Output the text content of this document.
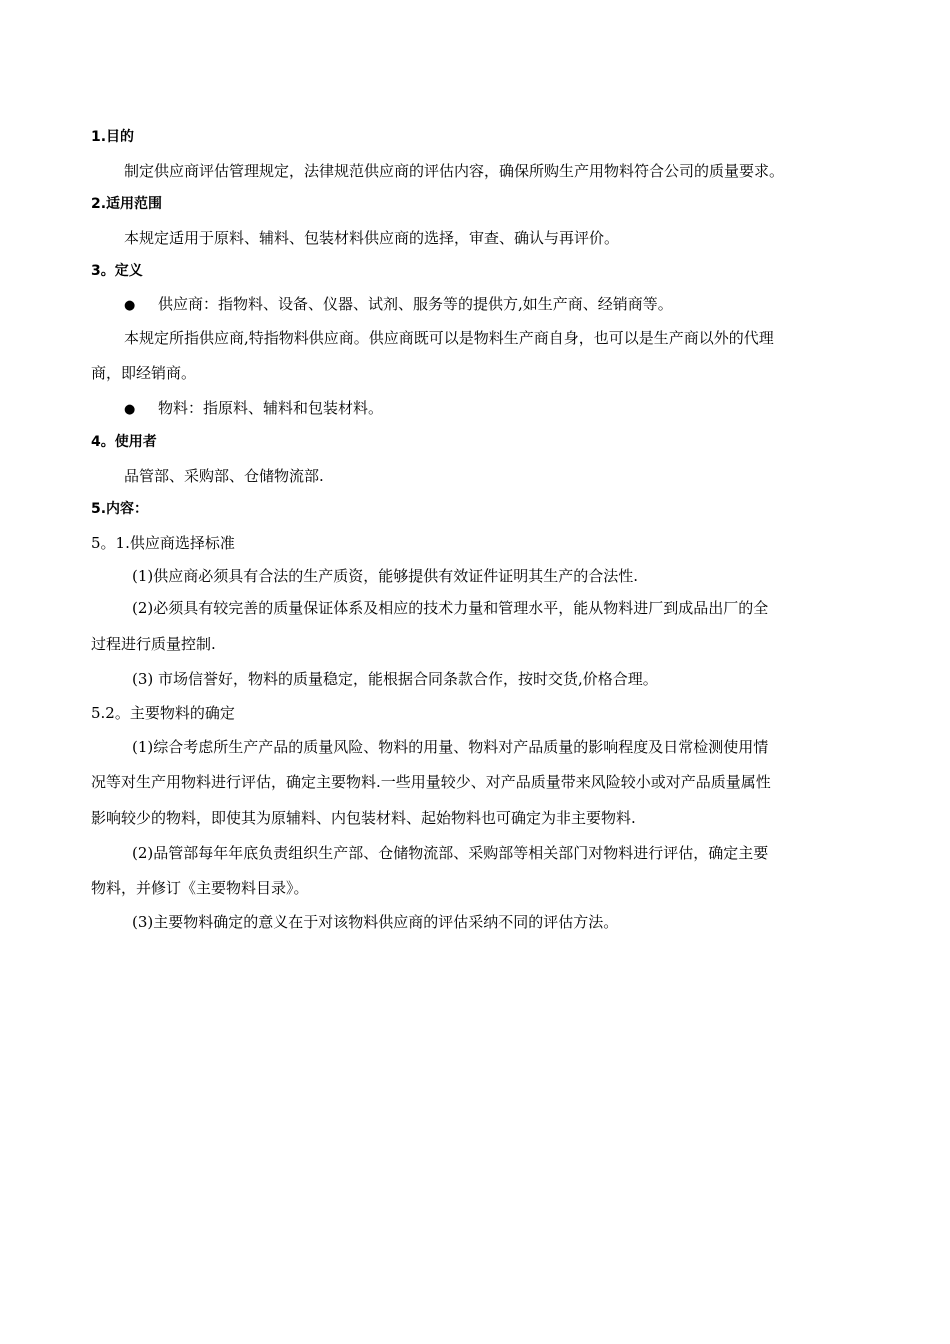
1.目的
制定供应商评估管理规定，法律规范供应商的评估内容，确保所购生产用物料符合公司的质量要求。
2.适用范围
本规定适用于原料、辅料、包装材料供应商的选择，审查、确认与再评价。
3。定义
● 供应商：指物料、设备、仪器、试剂、服务等的提供方,如生产商、经销商等。
本规定所指供应商,特指物料供应商。供应商既可以是物料生产商自身，也可以是生产商以外的代理
商，即经销商。
● 物料：指原料、辅料和包装材料。
4。使用者
品管部、采购部、仓储物流部.
5.内容：
5。1.供应商选择标准
(1)供应商必须具有合法的生产质资，能够提供有效证件证明其生产的合法性.
(2)必须具有较完善的质量保证体系及相应的技术力量和管理水平，能从物料进厂到成品出厂的全
过程进行质量控制.
(3) 市场信誉好，物料的质量稳定，能根据合同条款合作，按时交货,价格合理。
5.2。主要物料的确定
(1)综合考虑所生产产品的质量风险、物料的用量、物料对产品质量的影响程度及日常检测使用情
况等对生产用物料进行评估，确定主要物料.一些用量较少、对产品质量带来风险较小或对产品质量属性
影响较少的物料，即使其为原辅料、内包装材料、起始物料也可确定为非主要物料.
(2)品管部每年年底负责组织生产部、仓储物流部、采购部等相关部门对物料进行评估，确定主要
物料，并修订《主要物料目录》。
(3)主要物料确定的意义在于对该物料供应商的评估采纳不同的评估方法。
